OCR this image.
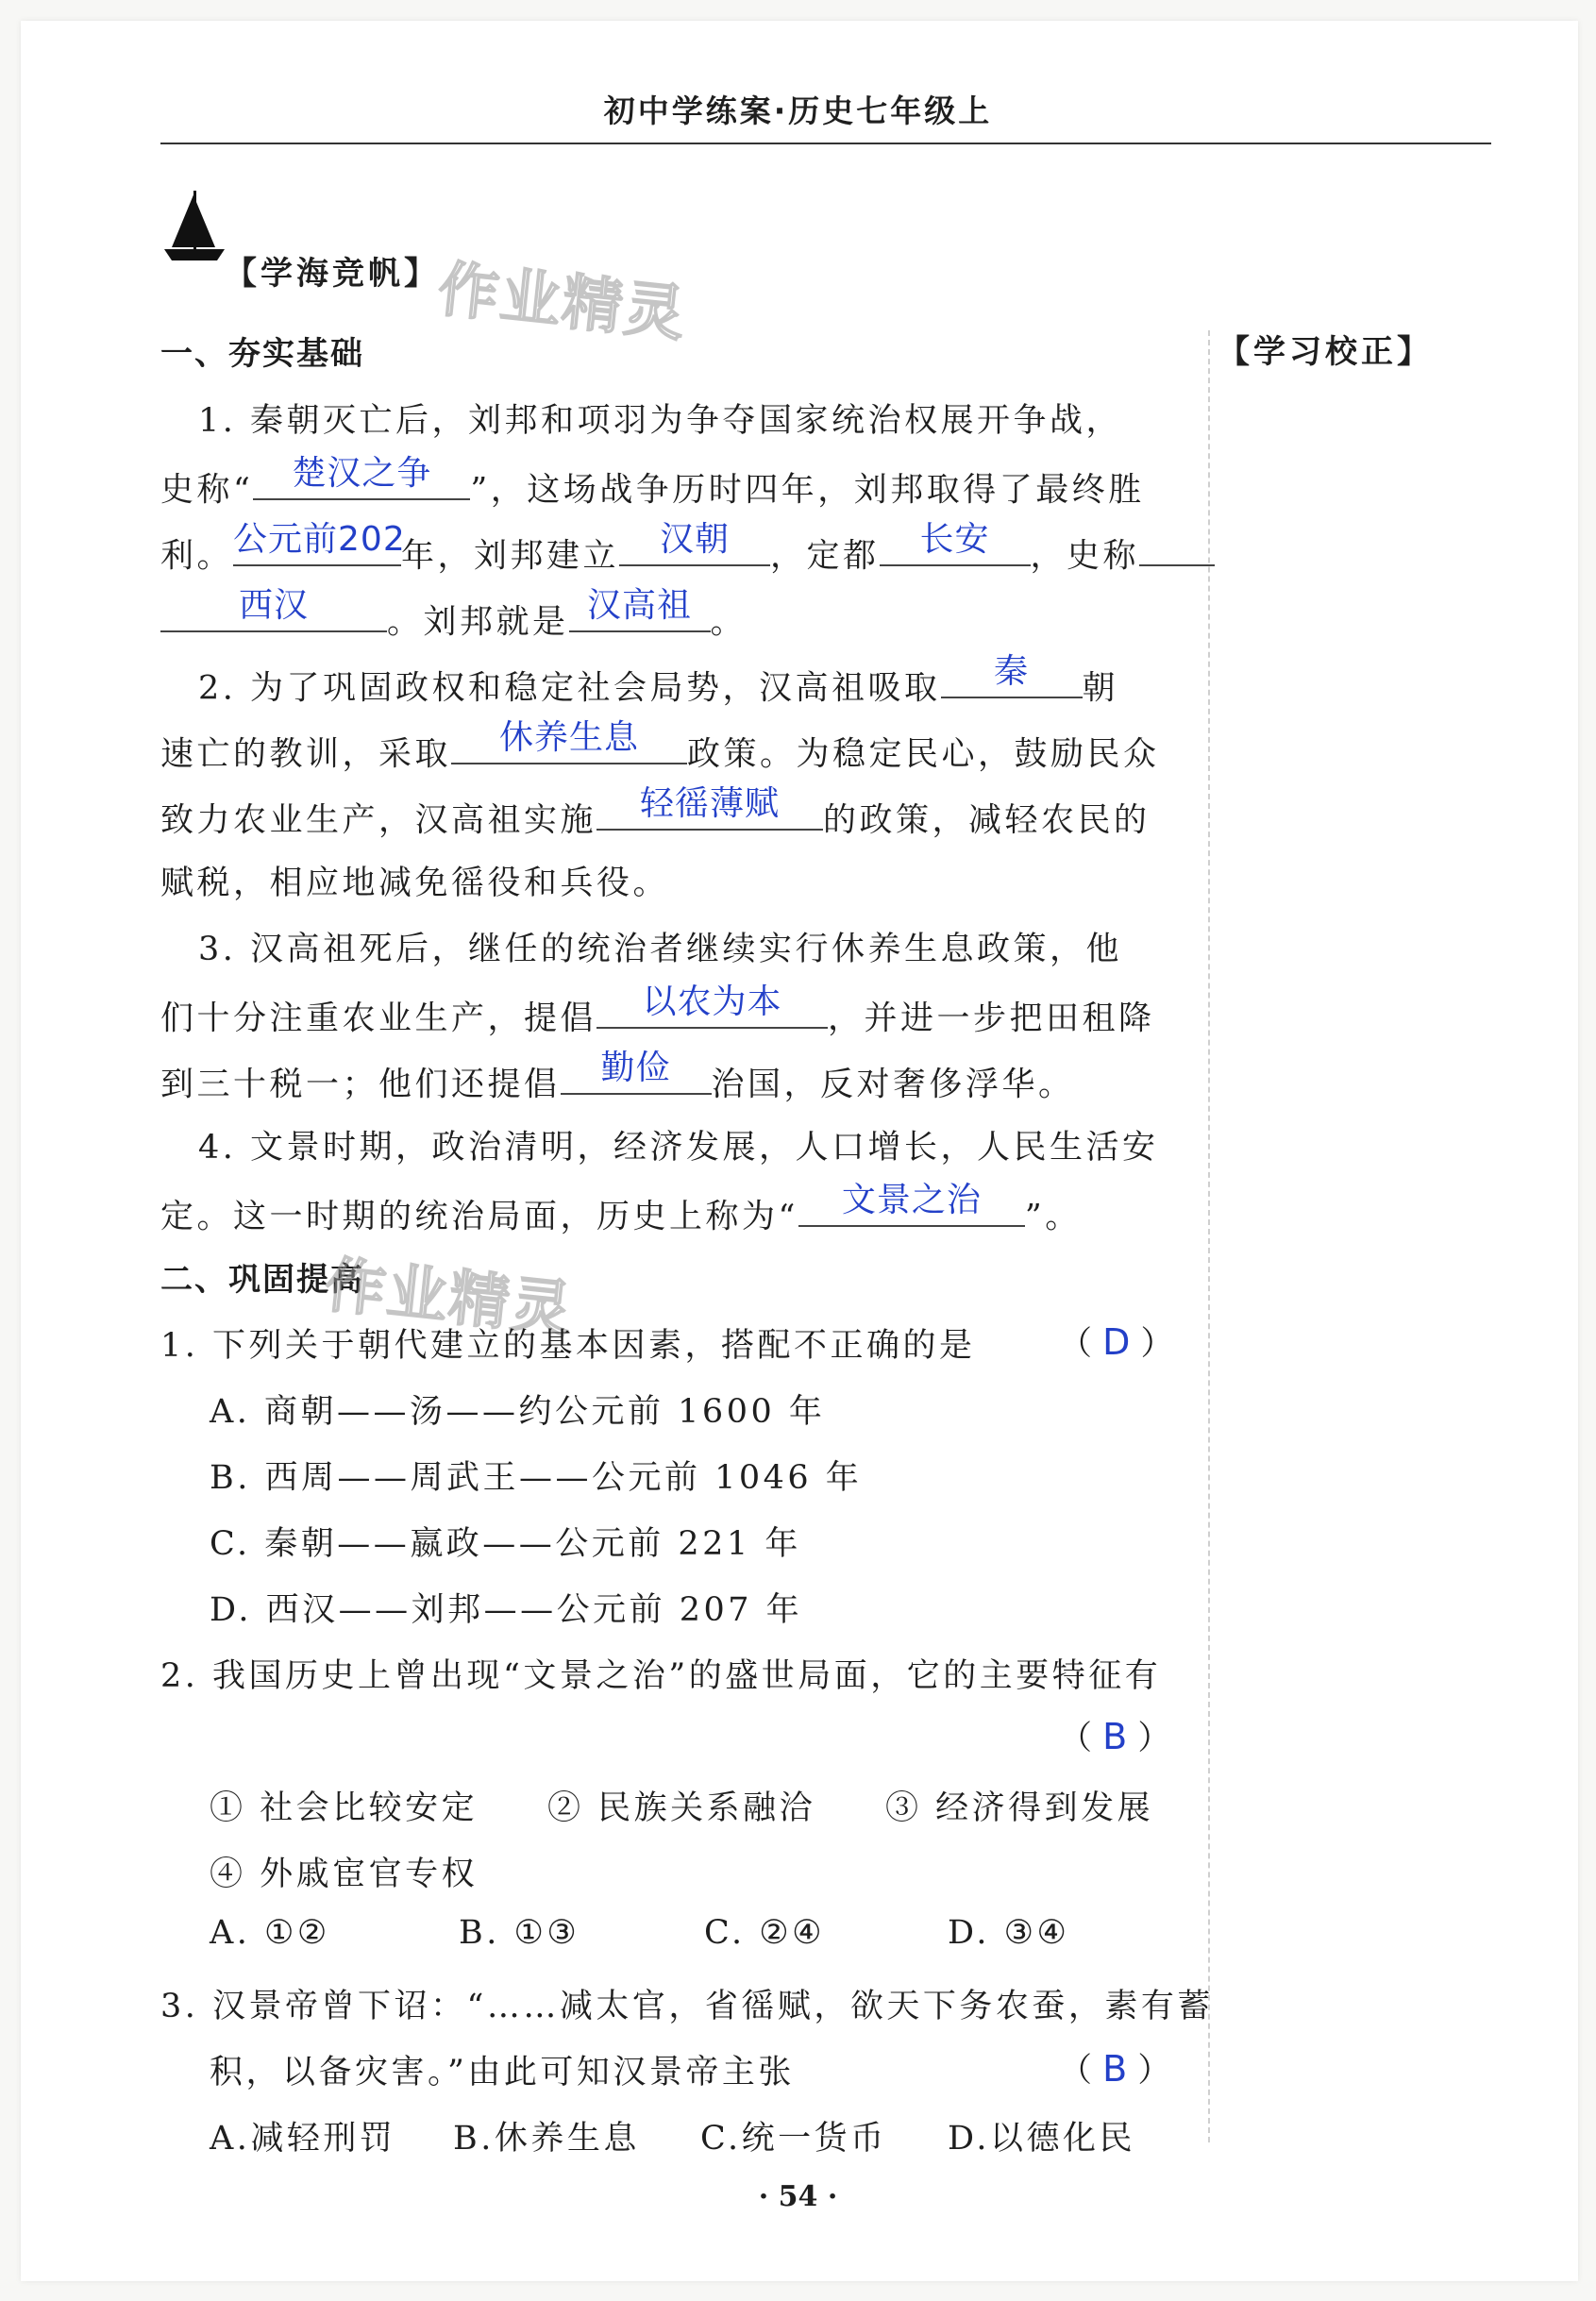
初中学练案·历史七年级上
【学海竞帆】
作业精灵
【学习校正】
一、夯实基础
1. 秦朝灭亡后，刘邦和项羽为争夺国家统治权展开争战，
史称“	楚汉之争	”，这场战争历时四年，刘邦取得了最终胜
利。 公元前202
年，刘邦建立	汉朝	，定都	长安	，史称
西汉	。刘邦就是 汉高祖 。
2. 为了巩固政权和稳定社会局势，汉高祖吸取	秦	朝
速亡的教训，采取	休养生息	政策。为稳定民心，鼓励民众
致力农业生产，汉高祖实施	轻徭薄赋	的政策，减轻农民的
赋税，相应地减免徭役和兵役。
3. 汉高祖死后，继任的统治者继续实行休养生息政策，他
们十分注重农业生产，提倡	以农为本	，并进一步把田租降
到三十税一；他们还提倡	勤俭	治国，反对奢侈浮华。
4. 文景时期，政治清明，经济发展，人口增长，人民生活安
定。这一时期的统治局面，历史上称为“	文景之治	”。
二、巩固提高
作业精灵
1. 下列关于朝代建立的基本因素，搭配不正确的是	（ D ）
A. 商朝——汤——约公元前 1600 年
B. 西周——周武王——公元前 1046 年
C. 秦朝——嬴政——公元前 221 年
D. 西汉——刘邦——公元前 207 年
2. 我国历史上曾出现“文景之治”的盛世局面，它的主要特征有
（ B ）
① 社会比较安定 ② 民族关系融洽 ③ 经济得到发展
④ 外戚宦官专权
A. ①②	B. ①③	C. ②④	D. ③④
3. 汉景帝曾下诏：“……减太官，省徭赋，欲天下务农蚕，素有蓄
积，以备灾害。”由此可知汉景帝主张	（ B ）
A.减轻刑罚 B.休养生息 C.统一货币 D.以德化民
· 54 ·
